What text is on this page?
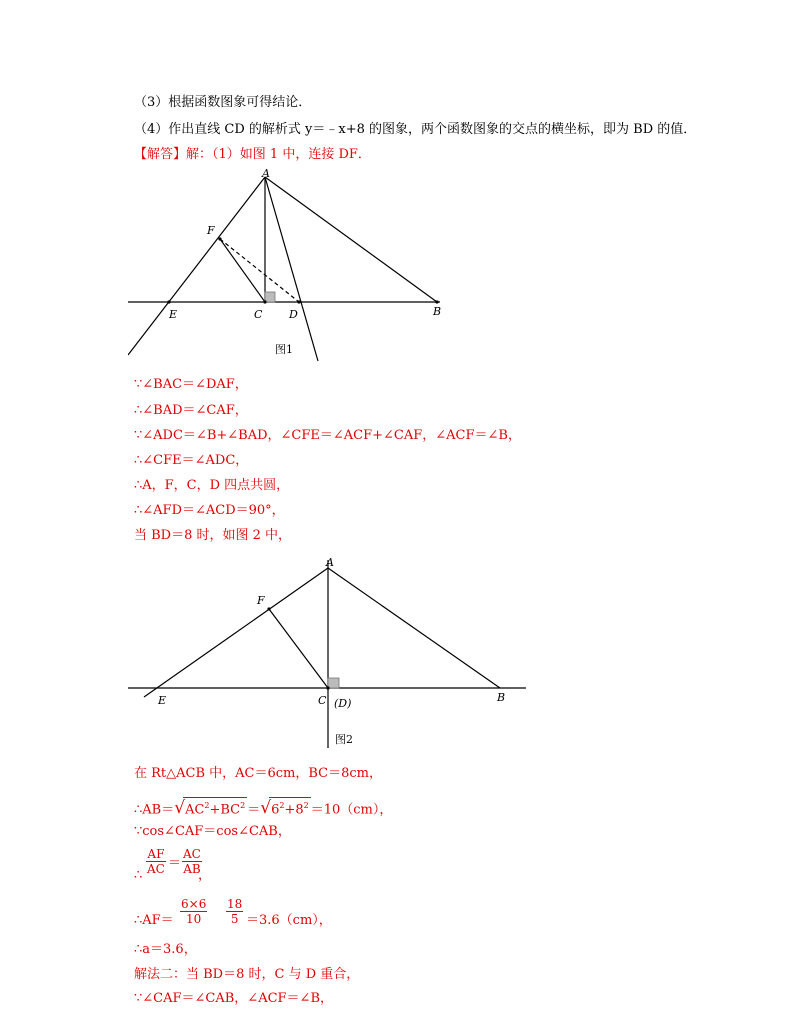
（3）根据函数图象可得结论．
（4）作出直线 CD 的解析式 y＝﹣x+8 的图象，两个函数图象的交点的横坐标，即为 BD 的值．
【解答】解：（1）如图 1 中，连接 DF．
A
F
E	C D	B
图1
∵∠BAC＝∠DAF，
∴∠BAD＝∠CAF，
∵∠ADC＝∠B+∠BAD，∠CFE＝∠ACF+∠CAF，∠ACF＝∠B，
∴∠CFE＝∠ADC，
∴A，F，C，D 四点共圆，
∴∠AFD＝∠ACD＝90°，
当 BD＝8 时，如图 2 中，
A
F
E	C (D)	B
图2
在 Rt△ACB 中，AC＝6cm，BC＝8cm，
$\therefore AB=√AC^2+BC^2 =√6^2+8^2 =10(cm)$，
∵cos∠CAF＝cos∠CAB，
$\frac{AF}{AC} = \frac{AC}{AB}$
∴	，
∴AF＝ $\frac{6\times 6}{10} \frac{18}{5} =3.6(cm)$，
∴a＝3.6，
解法二：当 BD＝8 时，C 与 D 重合，
∵∠CAF＝∠CAB，∠ACF＝∠B，
